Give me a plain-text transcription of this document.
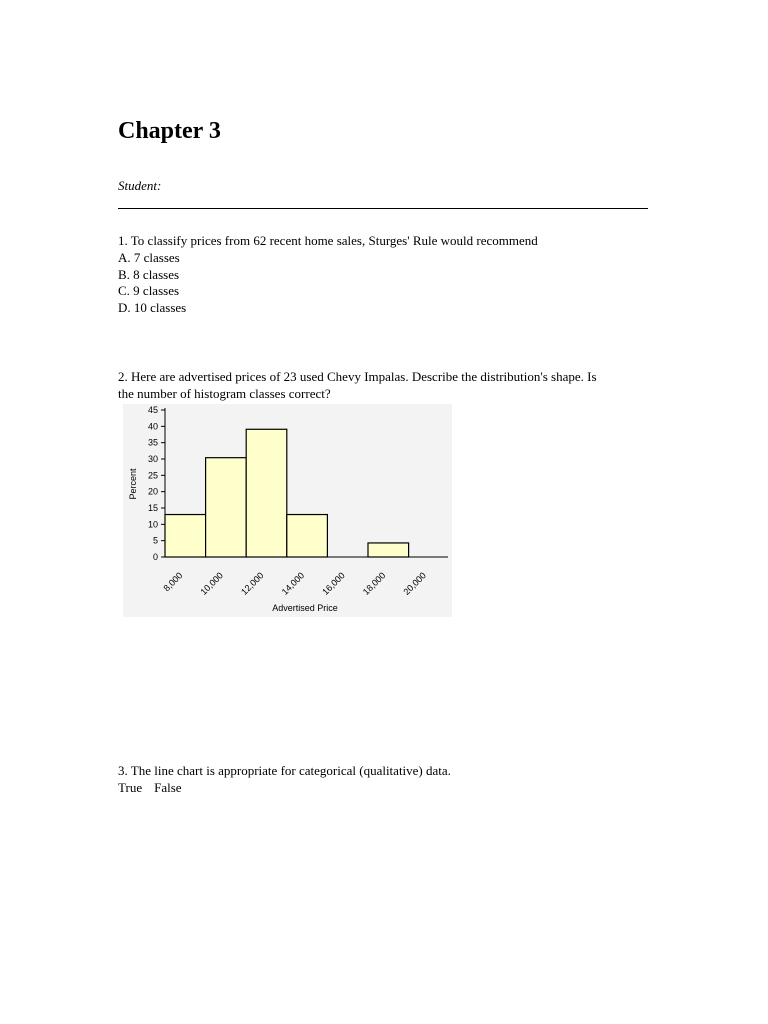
Chapter 3
Student:
1. To classify prices from 62 recent home sales, Sturges' Rule would recommend
A. 7 classes
B. 8 classes
C. 9 classes
D. 10 classes
2. Here are advertised prices of 23 used Chevy Impalas. Describe the distribution's shape. Is
the number of histogram classes correct?
0
5
10
15
20
25
30
35
40
45
8,000 10,000 12,000 14,000 16,000 18,000 20,000
Percent
Advertised Price
3. The line chart is appropriate for categorical (qualitative) data.
True False
